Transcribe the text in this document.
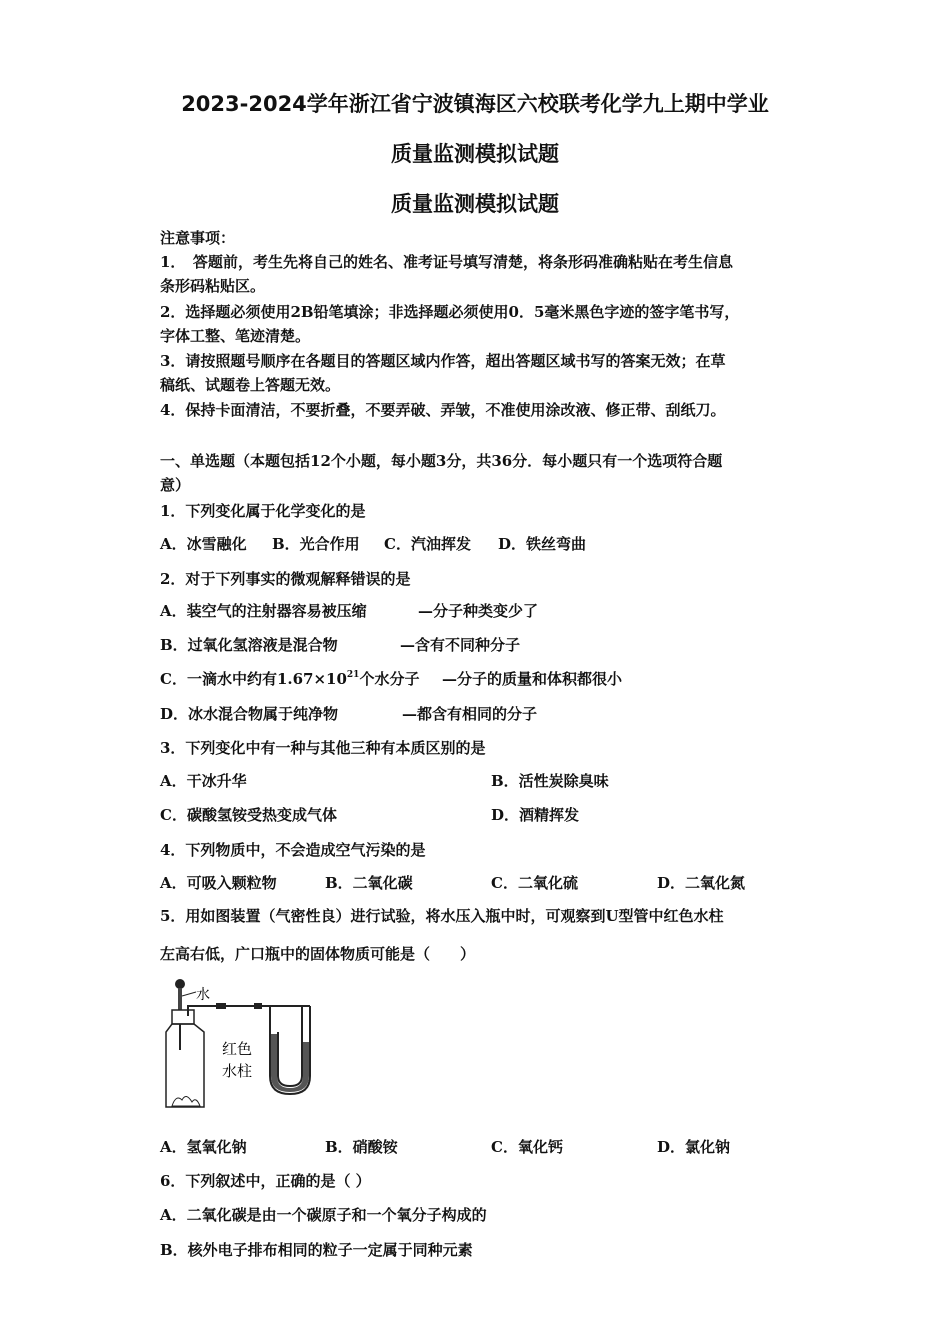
2023-2024学年浙江省宁波镇海区六校联考化学九上期中学业
质量监测模拟试题
质量监测模拟试题
注意事项：
1．　答题前，考生先将自己的姓名、准考证号填写清楚，将条形码准确粘贴在考生信息
条形码粘贴区。
2．选择题必须使用2B铅笔填涂；非选择题必须使用0．5毫米黑色字迹的签字笔书写，
字体工整、笔迹清楚。
3．请按照题号顺序在各题目的答题区域内作答，超出答题区域书写的答案无效；在草
稿纸、试题卷上答题无效。
4．保持卡面清洁，不要折叠，不要弄破、弄皱，不准使用涂改液、修正带、刮纸刀。
一、单选题（本题包括12个小题，每小题3分，共36分．每小题只有一个选项符合题
意）
1．下列变化属于化学变化的是
A．冰雪融化 B．光合作用 C．汽油挥发 D．铁丝弯曲
2．对于下列事实的微观解释错误的是
A．装空气的注射器容易被压缩	—分子种类变少了
B．过氧化氢溶液是混合物	—含有不同种分子
C．一滴水中约有$1.67\times 10^{21}$个水分子 —分子的质量和体积都很小
D．冰水混合物属于纯净物	—都含有相同的分子
3．下列变化中有一种与其他三种有本质区别的是
A．干冰升华	B．活性炭除臭味
C．碳酸氢铵受热变成气体	D．酒精挥发
4．下列物质中，不会造成空气污染的是
A．可吸入颗粒物	B．二氧化碳	C．二氧化硫	D．二氧化氮
5．用如图装置（气密性良）进行试验，将水压入瓶中时，可观察到U型管中红色水柱
左高右低，广口瓶中的固体物质可能是（　　）
水
红色
水柱
A．氢氧化钠	B．硝酸铵	C．氧化钙	D．氯化钠
6．下列叙述中，正确的是（ ）
A．二氧化碳是由一个碳原子和一个氧分子构成的
B．核外电子排布相同的粒子一定属于同种元素
